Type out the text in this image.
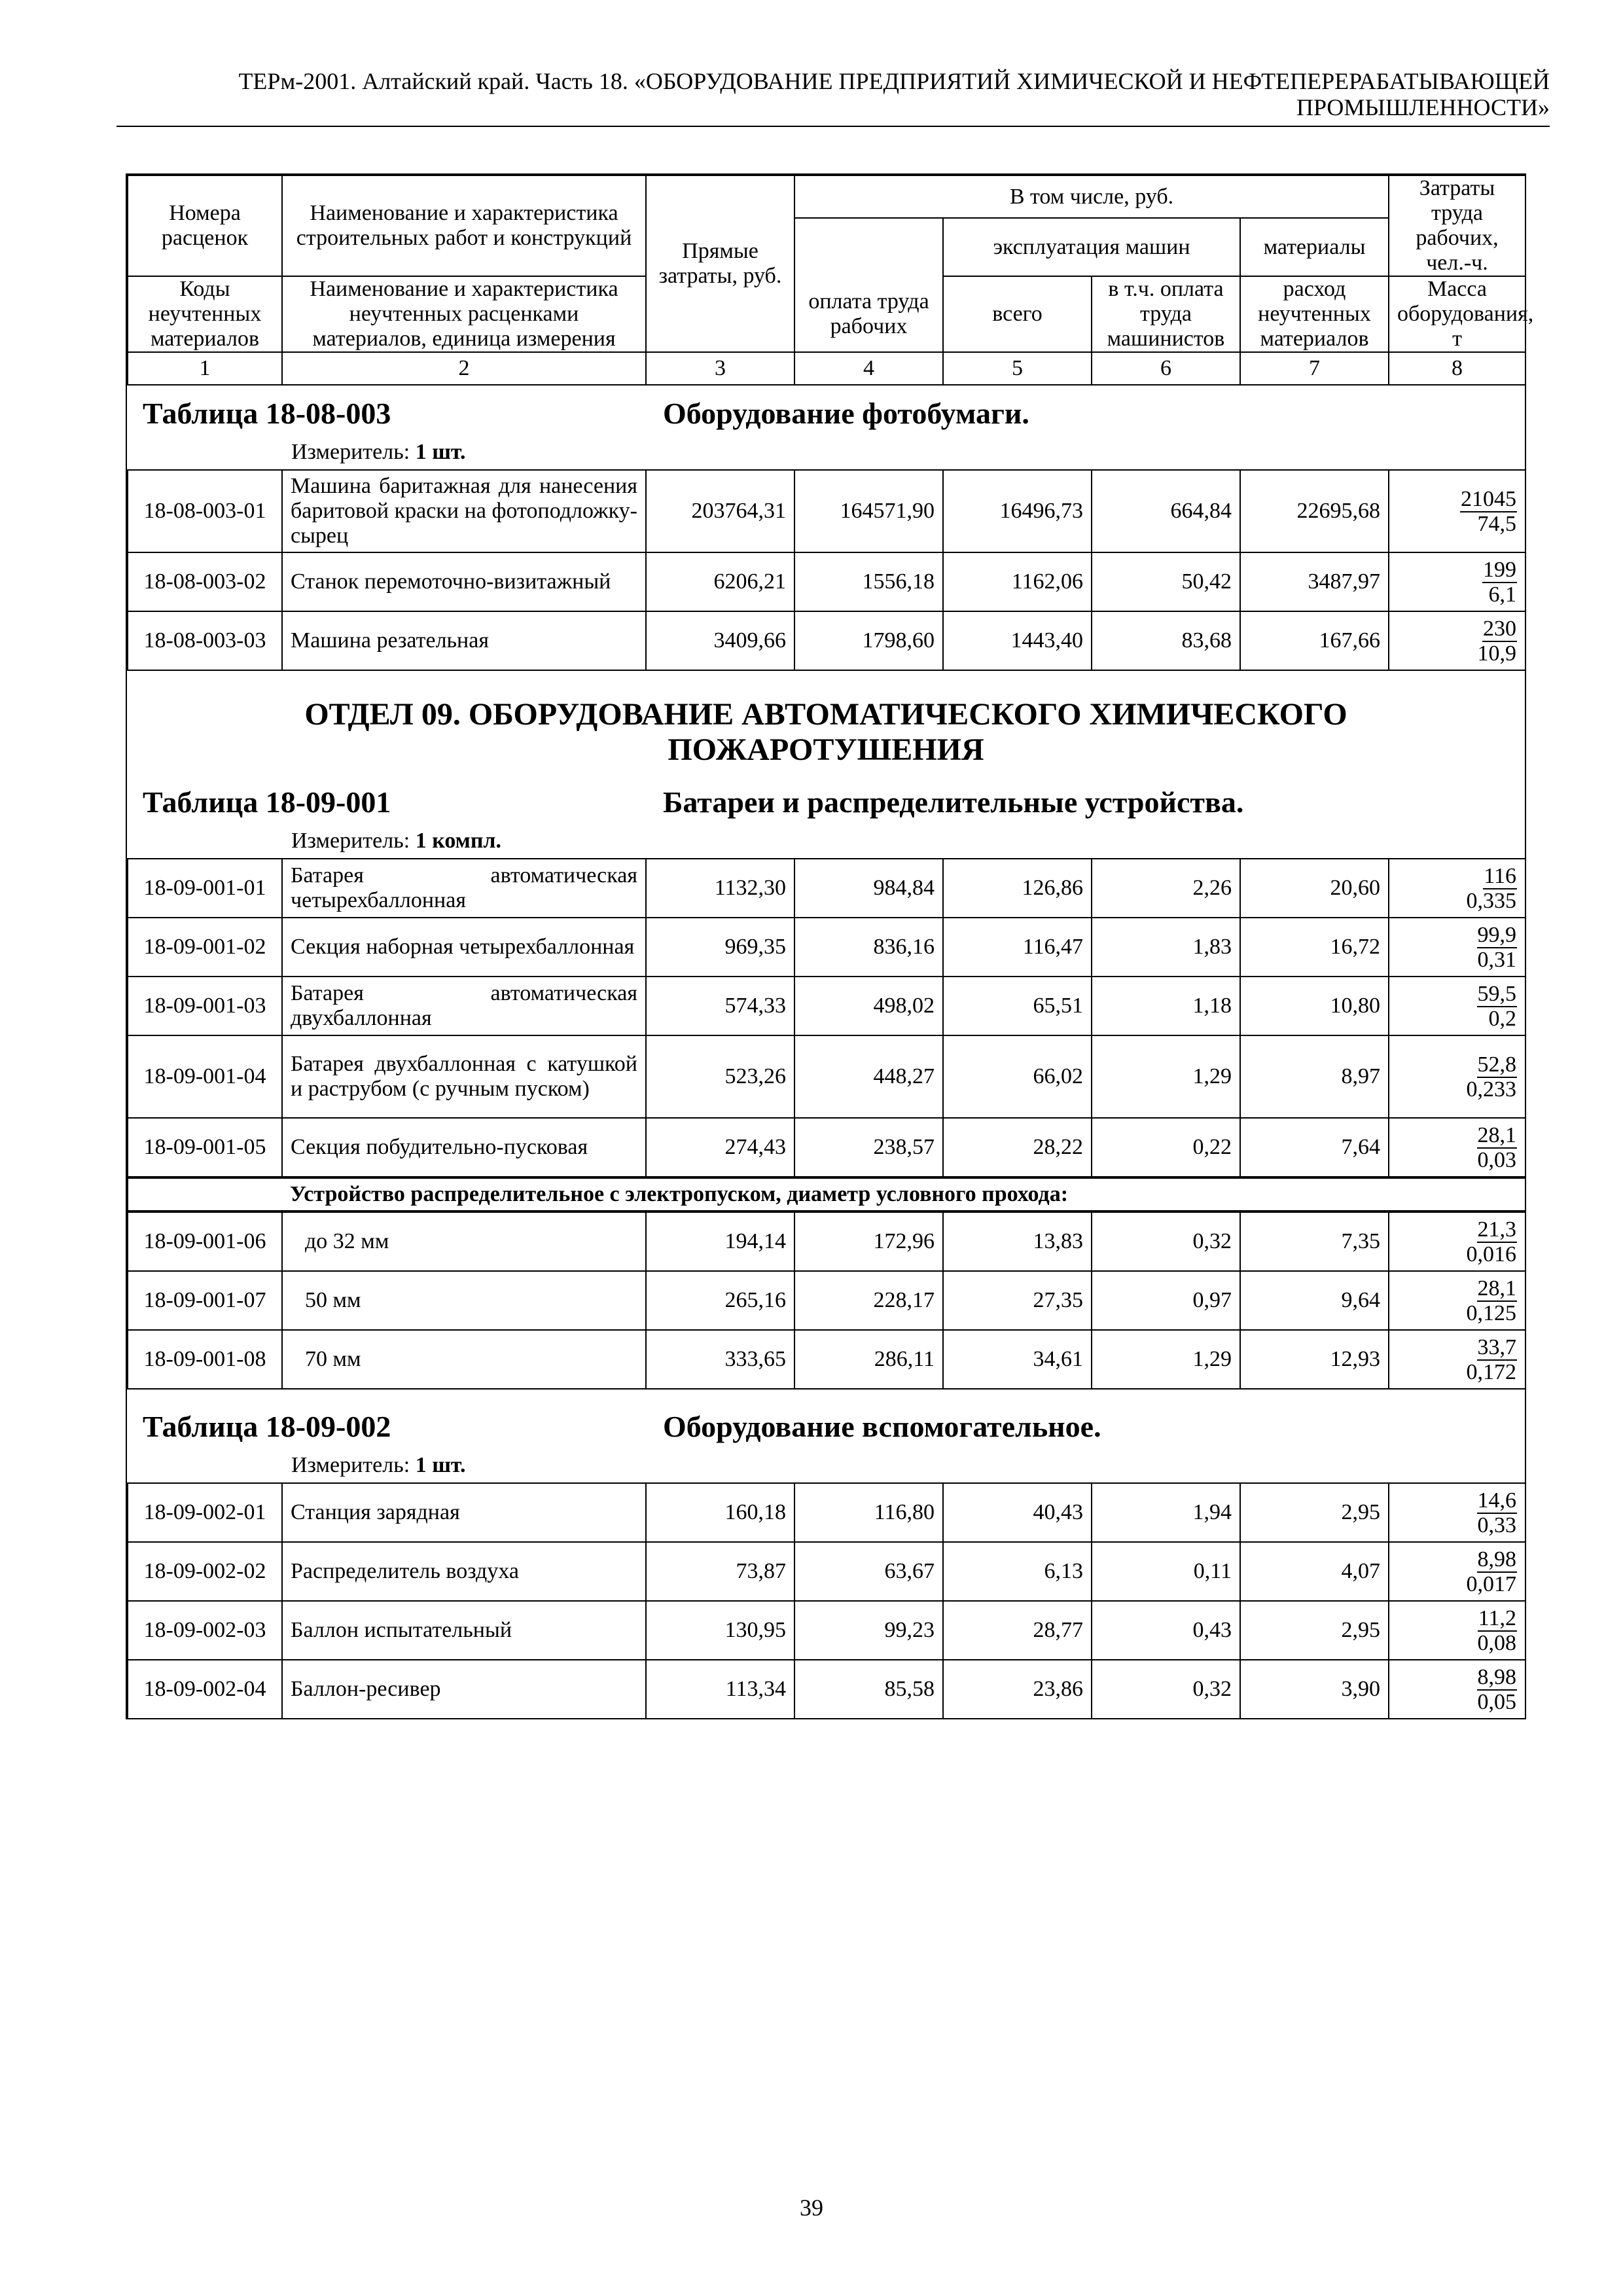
ТЕРм-2001. Алтайский край. Часть 18. «ОБОРУДОВАНИЕ ПРЕДПРИЯТИЙ ХИМИЧЕСКОЙ И НЕФТЕПЕРЕРАБАТЫВАЮЩЕЙ
ПРОМЫШЛЕННОСТИ»
Номера расценок	Наименование и характеристика строительных работ и конструкций	Прямые затраты, руб.	В том числе, руб.				Затраты труда рабочих, чел.-ч.
				эксплуатация машин		материалы	
Коды неучтенных материалов	Наименование и характеристика неучтенных расценками материалов, единица измерения		оплата труда рабочих	всего	в т.ч. оплата труда машинистов	расход неучтенных материалов	Масса оборудования, т
1	2	3	4	5	6	7	8
Таблица 18-08-003	Оборудование фотобумаги.
Измеритель: 1 шт.
18-08-003-01	Машина баритажная для нанесения баритовой краски на фотоподложку-сырец	203764,31	164571,90	16496,73	664,84	22695,68	$\frac{21045}{74,5}$

18-08-003-02	Станок перемоточно-визитажный	6206,21	1556,18	1162,06	50,42	3487,97	$\frac{199}{6,1}$

18-08-003-03	Машина резательная	3409,66	1798,60	1443,40	83,68	167,66	$\frac{230}{10,9}$
ОТДЕЛ 09. ОБОРУДОВАНИЕ АВТОМАТИЧЕСКОГО ХИМИЧЕСКОГО
ПОЖАРОТУШЕНИЯ
Таблица 18-09-001	Батареи и распределительные устройства.
Измеритель: 1 компл.
18-09-001-01	Батарея автоматическая четырехбаллонная	1132,30	984,84	126,86	2,26	20,60	$\frac{116}{0,335}$

18-09-001-02	Секция наборная четырехбаллонная	969,35	836,16	116,47	1,83	16,72	$\frac{99,9}{0,31}$

18-09-001-03	Батарея автоматическая двухбаллонная	574,33	498,02	65,51	1,18	10,80	$\frac{59,5}{0,2}$

18-09-001-04	Батарея двухбаллонная с катушкой и раструбом (с ручным пуском)	523,26	448,27	66,02	1,29	8,97	$\frac{52,8}{0,233}$

18-09-001-05	Секция побудительно-пусковая	274,43	238,57	28,22	0,22	7,64	$\frac{28,1}{0,03}$
	Устройство распределительное с электропуском, диаметр условного прохода:
18-09-001-06	до 32 мм	194,14	172,96	13,83	0,32	7,35	$\frac{21,3}{0,016}$

18-09-001-07	50 мм	265,16	228,17	27,35	0,97	9,64	$\frac{28,1}{0,125}$

18-09-001-08	70 мм	333,65	286,11	34,61	1,29	12,93	$\frac{33,7}{0,172}$
Таблица 18-09-002	Оборудование вспомогательное.
Измеритель: 1 шт.
18-09-002-01	Станция зарядная	160,18	116,80	40,43	1,94	2,95	$\frac{14,6}{0,33}$

18-09-002-02	Распределитель воздуха	73,87	63,67	6,13	0,11	4,07	$\frac{8,98}{0,017}$

18-09-002-03	Баллон испытательный	130,95	99,23	28,77	0,43	2,95	$\frac{11,2}{0,08}$

18-09-002-04	Баллон-ресивер	113,34	85,58	23,86	0,32	3,90	$\frac{8,98}{0,05}$
39
